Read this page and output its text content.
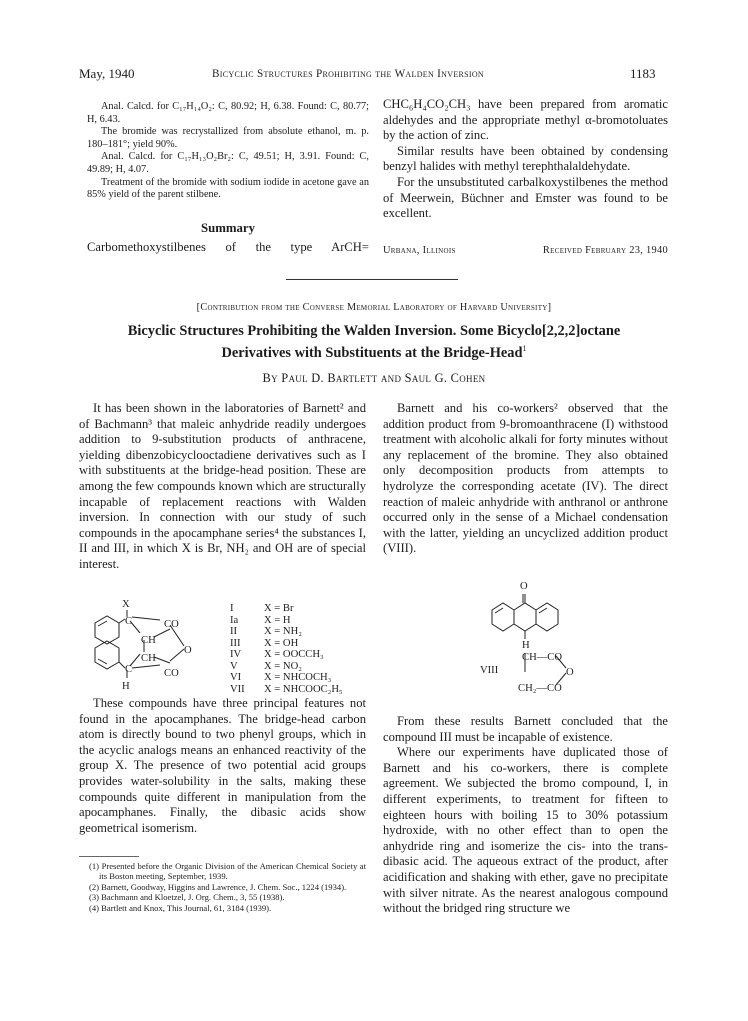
May, 1940	Bicyclic Structures Prohibiting the Walden Inversion	1183

Anal. Calcd. for C₁₇H₁₄O₂: C, 80.92; H, 6.38. Found: C, 80.77; H, 6.43.

The bromide was recrystallized from absolute ethanol, m. p. 180–181°; yield 90%.

Anal. Calcd. for C₁₇H₁₃O₂Br₂: C, 49.51; H, 3.91. Found: C, 49.89; H, 4.07.

Treatment of the bromide with sodium iodide in acetone gave an 85% yield of the parent stilbene.

Summary
Carbomethoxystilbenes of the type ArCH=

CHC₆H₄CO₂CH₃ have been prepared from aromatic aldehydes and the appropriate methyl α-bromotoluates by the action of zinc.

Similar results have been obtained by condensing benzyl halides with methyl terephthalaldehydate.

For the unsubstituted carbalkoxystilbenes the method of Meerwein, Büchner and Emster was found to be excellent.

Urbana, Illinois	Received February 23, 1940
[Contribution from the Converse Memorial Laboratory of Harvard University]
Bicyclic Structures Prohibiting the Walden Inversion. Some Bicyclo[2,2,2]octane
Derivatives with Substituents at the Bridge-Head$^1$
By Paul D. Bartlett and Saul G. Cohen

It has been shown in the laboratories of Barnett² and of Bachmann³ that maleic anhydride readily undergoes addition to 9-substitution products of anthracene, yielding dibenzobicyclooctadiene derivatives such as I with substituents at the bridge-head position. These are among the few compounds known which are structurally incapable of replacement reactions with Walden inversion. In connection with our study of such compounds in the apocamphane series⁴ the substances I, II and III, in which X is Br, NH₂ and OH are of special interest.

Barnett and his co-workers² observed that the addition product from 9-bromoanthracene (I) withstood treatment with alcoholic alkali for forty minutes without any replacement of the bromine. They also obtained only decomposition products from attempts to hydrolyze the corresponding acetate (IV). The direct reaction of maleic anhydride with anthranol or anthrone occurred only in the sense of a Michael condensation with the latter, yielding an uncyclized addition product (VIII).

X
CO
C
CH
O
CH
C	CO
H
I	X = Br
Ia	X = H
II	X = NH₂
III	X = OH
IV	X = OOCCH₃
V	X = NO₂
VI	X = NHCOCH₃
VII	X = NHCOOC₂H₅
O
H
CH—CO
VIII	O
CH₂—CO

These compounds have three principal features not found in the apocamphanes. The bridge-head carbon atom is directly bound to two phenyl groups, which in the acyclic analogs means an enhanced reactivity of the group X. The presence of two potential acid groups provides water-solubility in the salts, making these compounds quite different in manipulation from the apocamphanes. Finally, the dibasic acids show geometrical isomerism.

(1) Presented before the Organic Division of the American Chemical Society at its Boston meeting, September, 1939.

(2) Barnett, Goodway, Higgins and Lawrence, J. Chem. Soc., 1224 (1934).

(3) Bachmann and Kloetzel, J. Org. Chem., 3, 55 (1938).

(4) Bartlett and Knox, This Journal, 61, 3184 (1939).

From these results Barnett concluded that the compound III must be incapable of existence.

Where our experiments have duplicated those of Barnett and his co-workers, there is complete agreement. We subjected the bromo compound, I, in different experiments, to treatment for fifteen to eighteen hours with boiling 15 to 30% potassium hydroxide, with no other effect than to open the anhydride ring and isomerize the cis- into the trans-dibasic acid. The aqueous extract of the product, after acidification and shaking with ether, gave no precipitate with silver nitrate. As the nearest analogous compound without the bridged ring structure we
